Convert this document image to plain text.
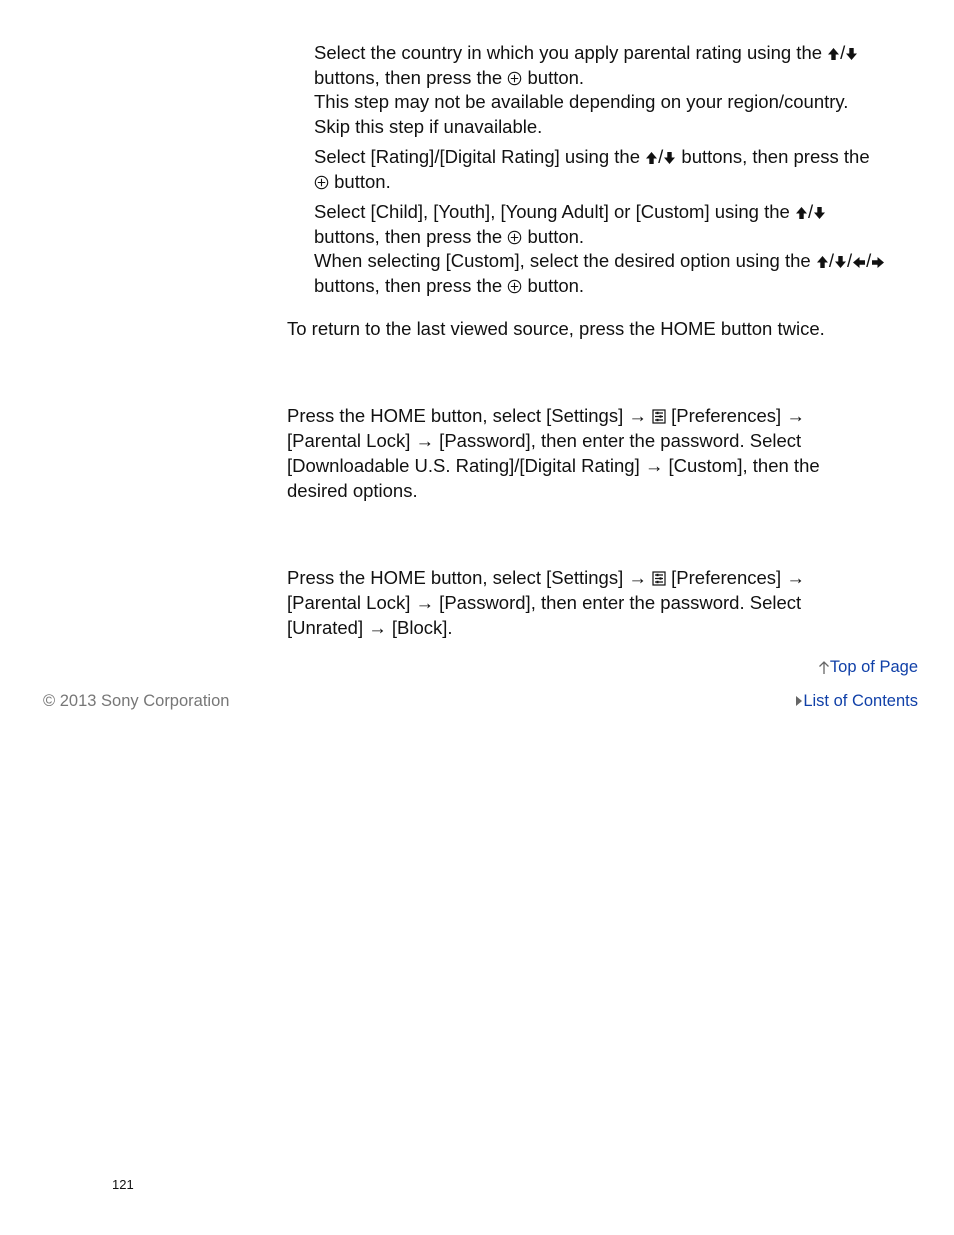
Select the country in which you apply parental rating using the /
buttons, then press the button.
This step may not be available depending on your region/country.
Skip this step if unavailable.
Select [Rating]/[Digital Rating] using the / buttons, then press the
button.
Select [Child], [Youth], [Young Adult] or [Custom] using the /
buttons, then press the button.
When selecting [Custom], select the desired option using the / / /
buttons, then press the button.
To return to the last viewed source, press the HOME button twice.
Press the HOME button, select [Settings] → [Preferences] →
[Parental Lock] → [Password], then enter the password. Select
[Downloadable U.S. Rating]/[Digital Rating] → [Custom], then the
desired options.
Press the HOME button, select [Settings] → [Preferences] →
[Parental Lock] → [Password], then enter the password. Select
[Unrated] → [Block].
Top of Page
© 2013 Sony Corporation	List of Contents
121
